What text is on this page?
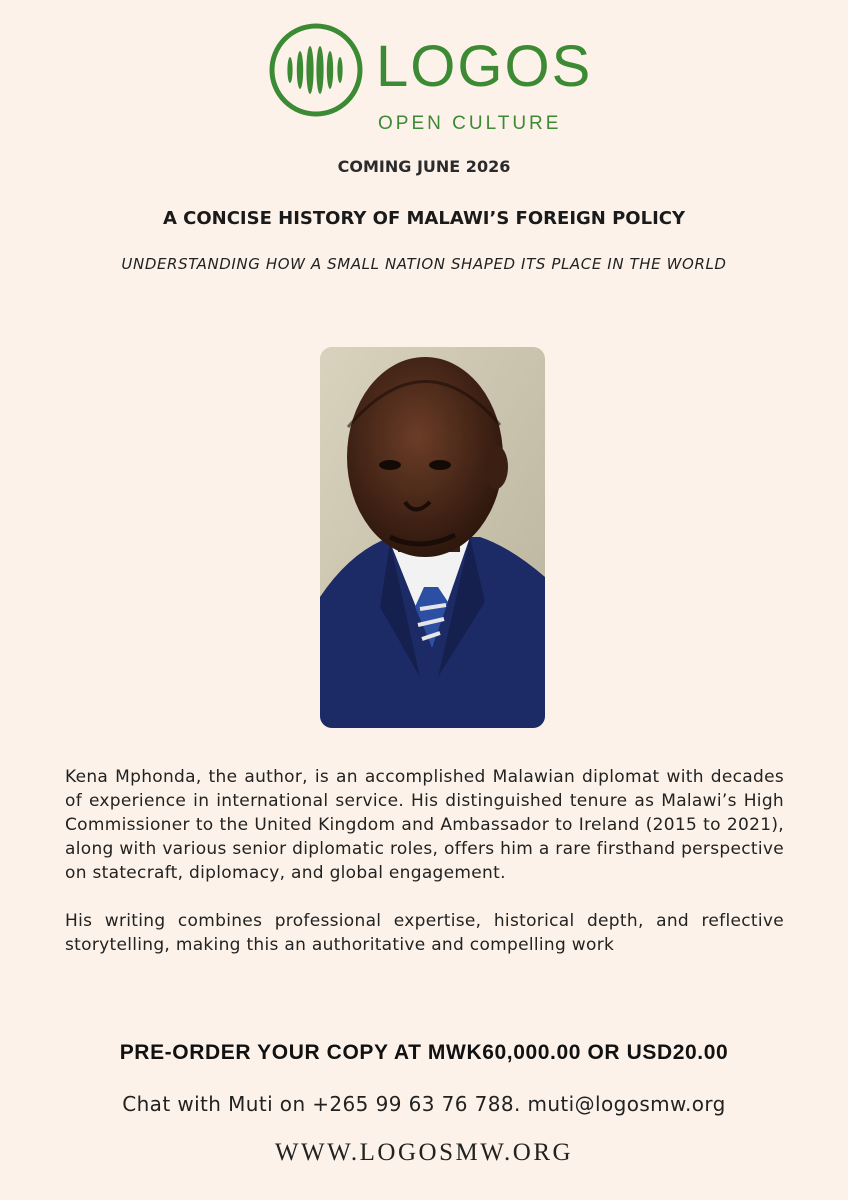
LOGOS
OPEN CULTURE
COMING JUNE 2026
A CONCISE HISTORY OF MALAWI’S FOREIGN POLICY
UNDERSTANDING HOW A SMALL NATION SHAPED ITS PLACE IN THE WORLD

Kena Mphonda, the author, is an accomplished Malawian diplomat with decades of experience in international service. His distinguished tenure as Malawi’s High Commissioner to the United Kingdom and Ambassador to Ireland (2015 to 2021), along with various senior diplomatic roles, offers him a rare firsthand perspective on statecraft, diplomacy, and global engagement.

His writing combines professional expertise, historical depth, and reflective storytelling, making this an authoritative and compelling work

PRE-ORDER YOUR COPY AT MWK60,000.00 OR USD20.00
Chat with Muti on +265 99 63 76 788. muti@logosmw.org
WWW.LOGOSMW.ORG
